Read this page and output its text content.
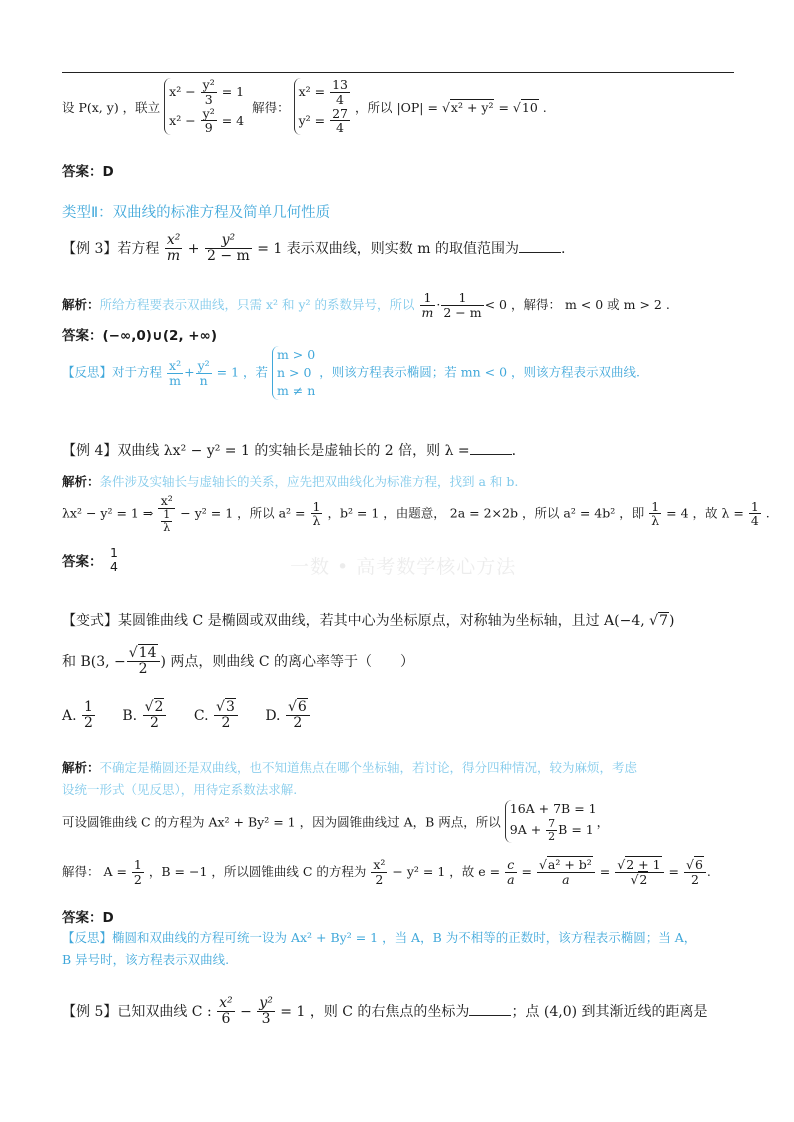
一数 • 高考数学核心方法
设 P(x, y) ，联立
$x^2 - \frac{\text{y²}}{3} = 1$
$x^2 - \frac{\text{y²}}{9} = 4$
解得：
$x^2 = \frac{13}{4}$
$y^2 = \frac{27}{4}$ ，所以 |OP| = √x² + y² = √10 .
答案：D
类型Ⅱ：双曲线的标准方程及简单几何性质
【例 3】若方程 $\frac{\text{x²}}{m} + \frac{\text{y²}}{2 - m} = 1$ 表示双曲线，则实数 m 的取值范围为	.
解析：所给方程要表示双曲线，只需 x² 和 y² 的系数异号，所以 $\frac{1}{m} \cdot \frac{1}{2 - m} < 0$ ，解得： m < 0 或 m > 2 .
答案：(−∞,0)∪(2, +∞)
【反思】对于方程 $\frac{\text{x²}}{m} + \frac{\text{y²}}{n} = 1$ ，若
m > 0
n > 0
m ≠ n
，则该方程表示椭圆；若 mn < 0 ，则该方程表示双曲线.
【例 4】双曲线 λx² − y² = 1 的实轴长是虚轴长的 2 倍，则 λ =	.
解析：条件涉及实轴长与虚轴长的关系，应先把双曲线化为标准方程，找到 a 和 b.
λx² − y² = 1 ⇒ $\frac{\text{x²}}{\frac{1}{\lambda}} - y^2 = 1$ ，所以 $a^2 = \frac{1}{\lambda}$ ，b² = 1 ，由题意， 2a = 2×2b ，所以 a² = 4b² ，即 $\frac{1}{\lambda} = 4$ ，故 $\lambda = \frac{1}{4}$ .
答案：
1
4
【变式】某圆锥曲线 C 是椭圆或双曲线，若其中心为坐标原点，对称轴为坐标轴，且过 A(−4, √7)
和 B(3, − $\frac{√14}{2}$ ) 两点，则曲线 C 的离心率等于（　　）
A. $\frac{1}{2} B$. $\frac{√2}{2} C$. $\frac{√3}{2} D$. $\frac{√6}{2}$
解析：不确定是椭圆还是双曲线，也不知道焦点在哪个坐标轴，若讨论，得分四种情况，较为麻烦，考虑
设统一形式（见反思），用待定系数法求解.
可设圆锥曲线 C 的方程为 Ax² + By² = 1 ，因为圆锥曲线过 A，B 两点，所以
16A + 7B = 1
$9A + \frac{7}{2}$ B = 1
，
解得： $A = \frac{1}{2}$ ，B = −1 ，所以圆锥曲线 C 的方程为 $\frac{\text{x²}}{2} - y^2 = 1$ ，故 $e = \frac{c}{a} = \frac{\text{√a² + b²}}{a} = \frac{√2 + 1}{√2} = \frac{√6}{2}$ .
答案：D
【反思】椭圆和双曲线的方程可统一设为 Ax² + By² = 1 ，当 A，B 为不相等的正数时，该方程表示椭圆；当 A，
B 异号时，该方程表示双曲线.
【例 5】已知双曲线 C : $\frac{\text{x²}}{6} - \frac{\text{y²}}{3} = 1$ ，则 C 的右焦点的坐标为	；点 (4,0) 到其渐近线的距离是
